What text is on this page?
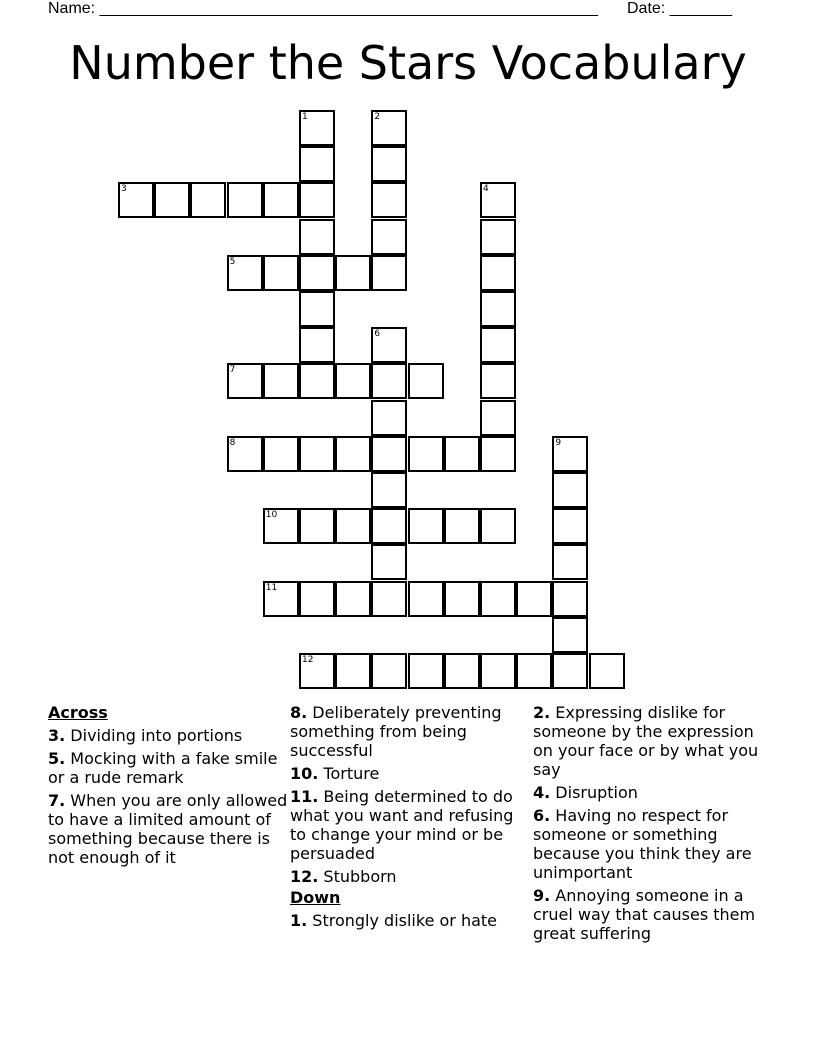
Name: ________________________________________________________ Date: _______
Number the Stars Vocabulary
1	2
3	4
5
6
7
8	9
10
11
12
Across
3. Dividing into portions
5. Mocking with a fake smile or a rude remark
7. When you are only allowed to have a limited amount of something because there is not enough of it
8. Deliberately preventing something from being successful
10. Torture
11. Being determined to do what you want and refusing to change your mind or be persuaded
12. Stubborn
Down
1. Strongly dislike or hate
2. Expressing dislike for someone by the expression on your face or by what you say
4. Disruption
6. Having no respect for someone or something because you think they are unimportant
9. Annoying someone in a cruel way that causes them great suffering
